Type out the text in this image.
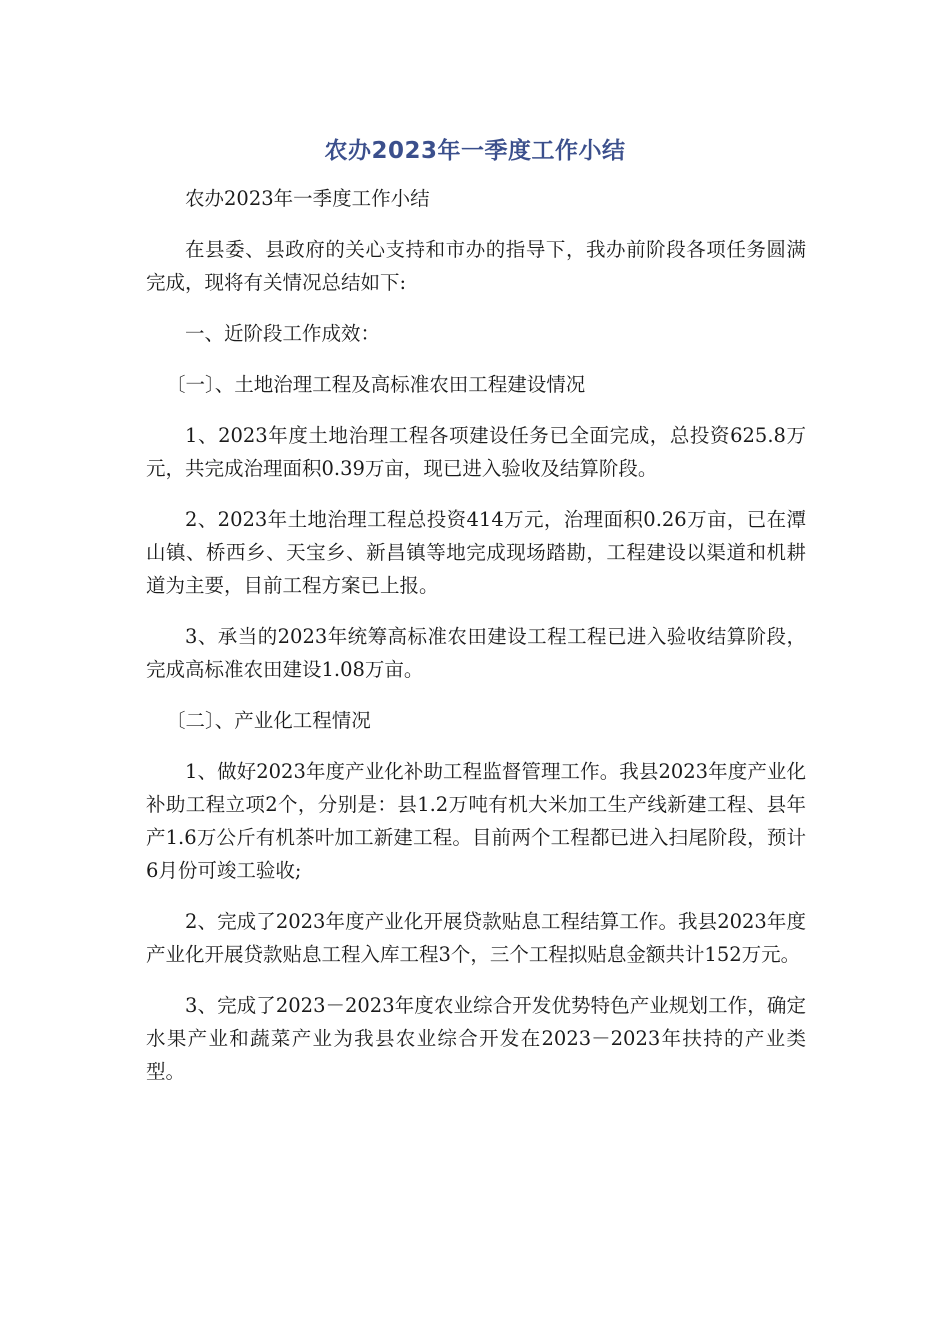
农办2023年一季度工作小结

农办2023年一季度工作小结

在县委、县政府的关心支持和市办的指导下，我办前阶段各项任务圆满完成，现将有关情况总结如下:

一、近阶段工作成效：

〔一〕、土地治理工程及高标准农田工程建设情况

1、2023年度土地治理工程各项建设任务已全面完成，总投资625.8万元，共完成治理面积0.39万亩，现已进入验收及结算阶段。

2、2023年土地治理工程总投资414万元，治理面积0.26万亩，已在潭山镇、桥西乡、天宝乡、新昌镇等地完成现场踏勘，工程建设以渠道和机耕道为主要，目前工程方案已上报。

3、承当的2023年统筹高标准农田建设工程工程已进入验收结算阶段，完成高标准农田建设1.08万亩。

〔二〕、产业化工程情况

1、做好2023年度产业化补助工程监督管理工作。我县2023年度产业化补助工程立项2个，分别是：县1.2万吨有机大米加工生产线新建工程、县年产1.6万公斤有机茶叶加工新建工程。目前两个工程都已进入扫尾阶段，预计6月份可竣工验收;

2、完成了2023年度产业化开展贷款贴息工程结算工作。我县2023年度产业化开展贷款贴息工程入库工程3个，三个工程拟贴息金额共计152万元。

3、完成了2023－2023年度农业综合开发优势特色产业规划工作，确定水果产业和蔬菜产业为我县农业综合开发在2023－2023年扶持的产业类型。
